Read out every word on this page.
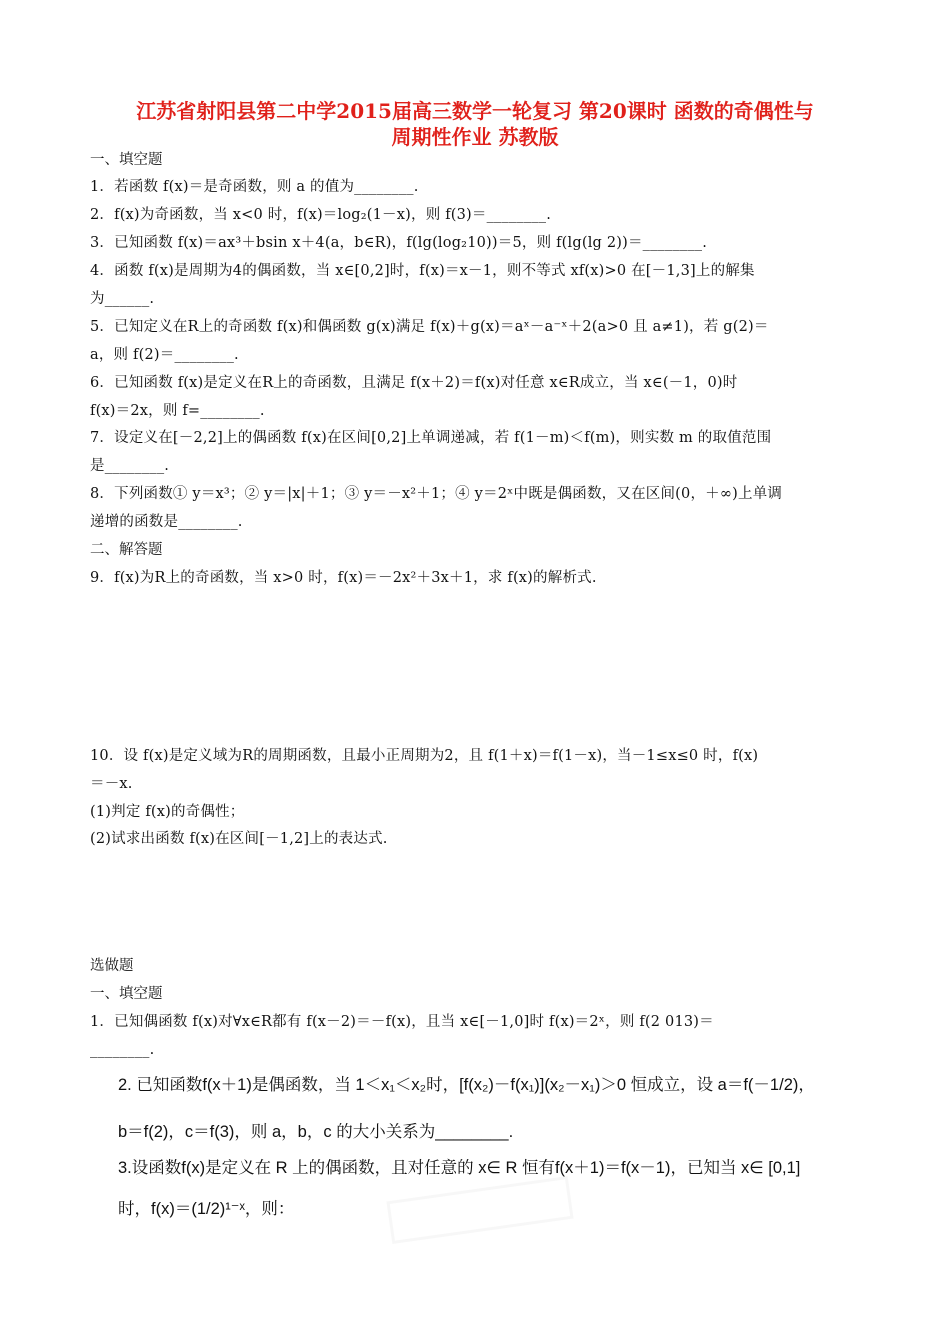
江苏省射阳县第二中学2015届高三数学一轮复习 第20课时 函数的奇偶性与
周期性作业 苏教版
一、填空题
1．若函数 f(x)＝是奇函数，则 a 的值为________.
2．f(x)为奇函数，当 x<0 时，f(x)＝log₂(1－x)，则 f(3)＝________.
3．已知函数 f(x)＝ax³＋bsin x＋4(a，b∈R)，f(lg(log₂10))＝5，则 f(lg(lg 2))＝________.
4．函数 f(x)是周期为4的偶函数，当 x∈[0,2]时，f(x)＝x－1，则不等式 xf(x)>0 在[－1,3]上的解集
为______.
5．已知定义在R上的奇函数 f(x)和偶函数 g(x)满足 f(x)＋g(x)＝aˣ－a⁻ˣ＋2(a>0 且 a≠1)，若 g(2)＝
a，则 f(2)＝________.
6．已知函数 f(x)是定义在R上的奇函数，且满足 f(x＋2)＝f(x)对任意 x∈R成立，当 x∈(－1，0)时
f(x)＝2x，则 f=________.
7．设定义在[－2,2]上的偶函数 f(x)在区间[0,2]上单调递减，若 f(1－m)＜f(m)，则实数 m 的取值范围
是________.
8．下列函数① y＝x³；② y＝|x|＋1；③ y＝－x²＋1；④ y＝2ˣ中既是偶函数，又在区间(0，＋∞)上单调
递增的函数是________.
二、解答题
9．f(x)为R上的奇函数，当 x>0 时，f(x)＝－2x²＋3x＋1，求 f(x)的解析式.
10．设 f(x)是定义域为R的周期函数，且最小正周期为2，且 f(1＋x)＝f(1－x)，当－1≤x≤0 时，f(x)
＝－x.
(1)判定 f(x)的奇偶性；
(2)试求出函数 f(x)在区间[－1,2]上的表达式.
选做题
一、填空题
1．已知偶函数 f(x)对∀x∈R都有 f(x－2)＝－f(x)，且当 x∈[－1,0]时 f(x)＝2ˣ，则 f(2 013)＝
________.
2. 已知函数f(x＋1)是偶函数，当 1＜x₁＜x₂时，[f(x₂)－f(x₁)](x₂－x₁)＞0 恒成立，设 a＝f(－1/2)，
b＝f(2)，c＝f(3)，则 a，b，c 的大小关系为________.
3.设函数f(x)是定义在 R 上的偶函数，且对任意的 x∈ R 恒有f(x＋1)＝f(x－1)，已知当 x∈ [0,1]
时，f(x)＝(1/2)¹⁻ˣ，则：
